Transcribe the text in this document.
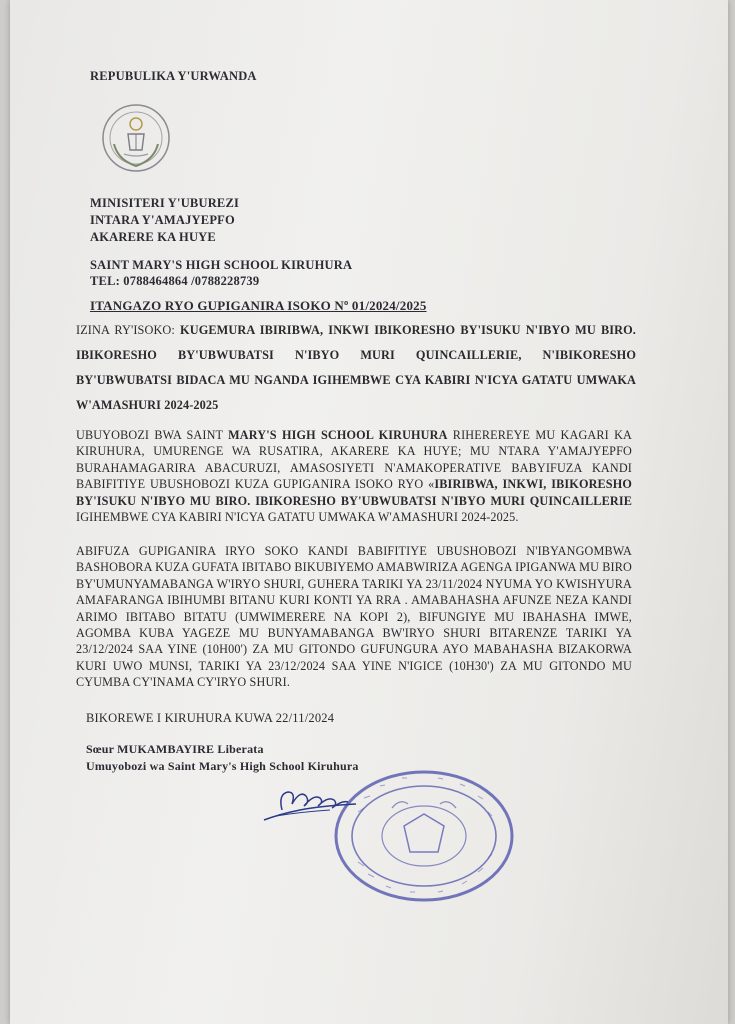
REPUBULIKA Y'URWANDA
MINISITERI Y'UBUREZI
INTARA Y'AMAJYEPFO
AKARERE KA HUYE
SAINT MARY'S HIGH SCHOOL KIRUHURA
TEL: 0788464864 /0788228739
ITANGAZO RYO GUPIGANIRA ISOKO Nº 01/2024/2025
IZINA RY'ISOKO: KUGEMURA IBIRIBWA, INKWI IBIKORESHO BY'ISUKU N'IBYO MU BIRO. IBIKORESHO BY'UBWUBATSI N'IBYO MURI QUINCAILLERIE, N'IBIKORESHO BY'UBWUBATSI BIDACA MU NGANDA IGIHEMBWE CYA KABIRI N'ICYA GATATU UMWAKA W'AMASHURI 2024-2025
UBUYOBOZI BWA SAINT MARY'S HIGH SCHOOL KIRUHURA RIHEREREYE MU KAGARI KA KIRUHURA, UMURENGE WA RUSATIRA, AKARERE KA HUYE; MU NTARA Y'AMAJYEPFO BURAHAMAGARIRA ABACURUZI, AMASOSIYETI N'AMAKOPERATIVE BABYIFUZA KANDI BABIFITIYE UBUSHOBOZI KUZA GUPIGANIRA ISOKO RYO «IBIRIBWA, INKWI, IBIKORESHO BY'ISUKU N'IBYO MU BIRO. IBIKORESHO BY'UBWUBATSI N'IBYO MURI QUINCAILLERIE IGIHEMBWE CYA KABIRI N'ICYA GATATU UMWAKA W'AMASHURI 2024-2025.
ABIFUZA GUPIGANIRA IRYO SOKO KANDI BABIFITIYE UBUSHOBOZI N'IBYANGOMBWA BASHOBORA KUZA GUFATA IBITABO BIKUBIYEMO AMABWIRIZA AGENGA IPIGANWA MU BIRO BY'UMUNYAMABANGA W'IRYO SHURI, GUHERA TARIKI YA 23/11/2024 NYUMA YO KWISHYURA AMAFARANGA IBIHUMBI BITANU KURI KONTI YA RRA . AMABAHASHA AFUNZE NEZA KANDI ARIMO IBITABO BITATU (UMWIMERERE NA KOPI 2), BIFUNGIYE MU IBAHASHA IMWE, AGOMBA KUBA YAGEZE MU BUNYAMABANGA BW'IRYO SHURI BITARENZE TARIKI YA 23/12/2024 SAA YINE (10H00') ZA MU GITONDO GUFUNGURA AYO MABAHASHA BIZAKORWA KURI UWO MUNSI, TARIKI YA 23/12/2024 SAA YINE N'IGICE (10H30') ZA MU GITONDO MU CYUMBA CY'INAMA CY'IRYO SHURI.
BIKOREWE I KIRUHURA KUWA 22/11/2024
Sœur MUKAMBAYIRE Liberata
Umuyobozi wa Saint Mary's High School Kiruhura
